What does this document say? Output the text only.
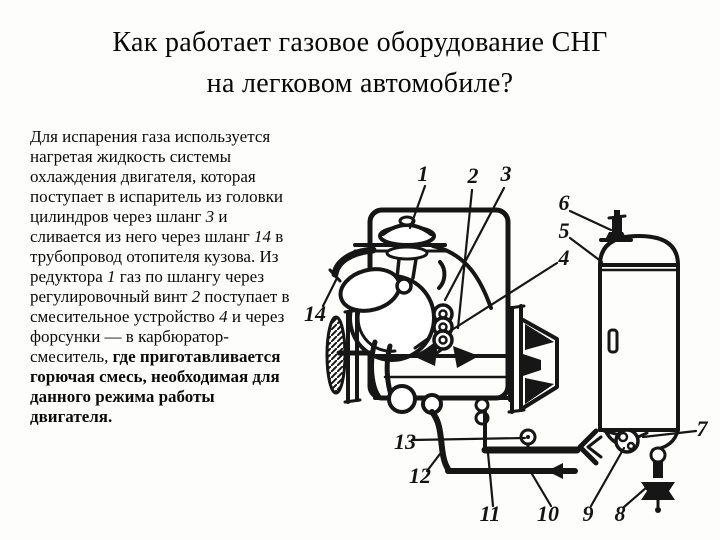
Как работает газовое оборудование СНГ
на легковом автомобиле?
Для испарения газа используется нагретая жидкость системы охлаждения двигателя, которая поступает в испаритель из головки цилиндров через шланг 3 и сливается из него через шланг 14 в трубопровод отопителя кузова. Из редуктора 1 газ по шлангу через регулировочный винт 2 поступает в смесительное устройство 4 и через форсунки — в карбюратор-смеситель, где приготавливается горючая смесь, необходимая для данного режима работы двигателя.
1 2 3
4
5
6
7
8
9
10
11
12
13
14
